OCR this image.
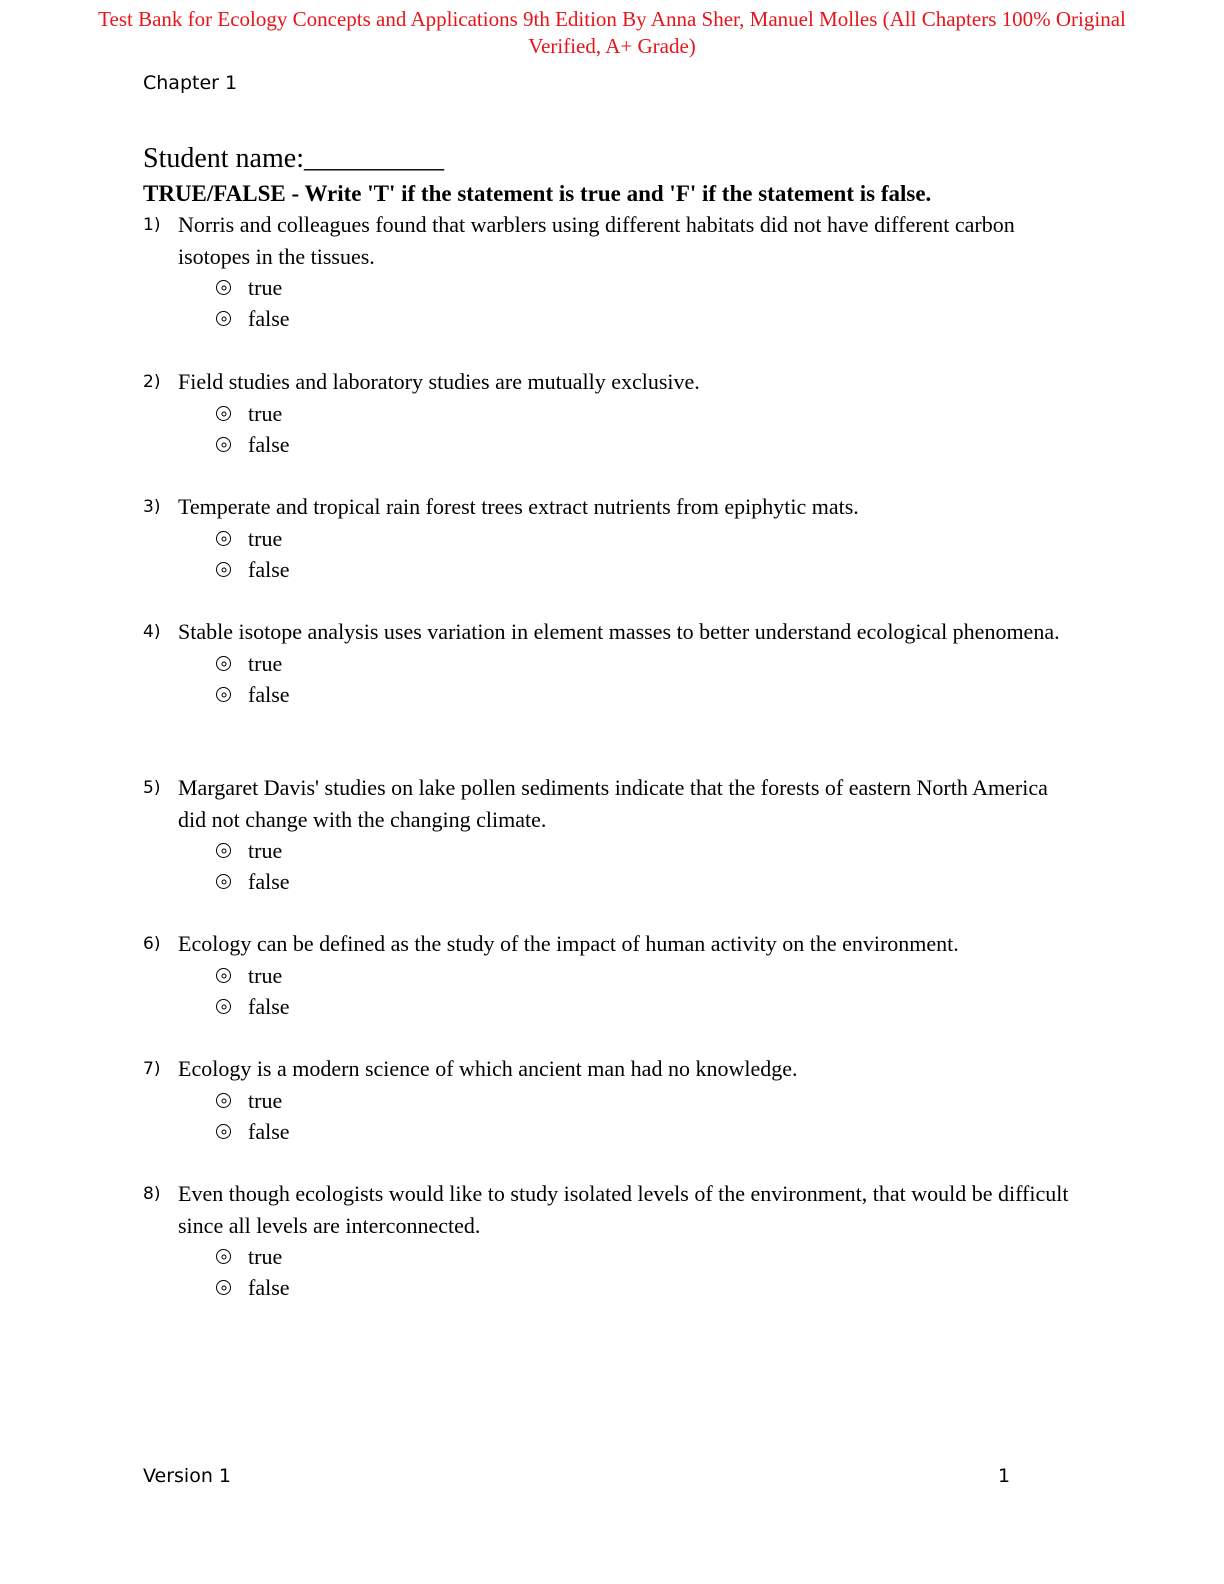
Test Bank for Ecology Concepts and Applications 9th Edition By Anna Sher, Manuel Molles (All Chapters 100% Original Verified, A+ Grade)
Chapter 1
Student name:__________
TRUE/FALSE - Write 'T' if the statement is true and 'F' if the statement is false.
1) Norris and colleagues found that warblers using different habitats did not have different carbon isotopes in the tissues.
true
false
2) Field studies and laboratory studies are mutually exclusive.
true
false
3) Temperate and tropical rain forest trees extract nutrients from epiphytic mats.
true
false
4) Stable isotope analysis uses variation in element masses to better understand ecological phenomena.
true
false
5) Margaret Davis' studies on lake pollen sediments indicate that the forests of eastern North America did not change with the changing climate.
true
false
6) Ecology can be defined as the study of the impact of human activity on the environment.
true
false
7) Ecology is a modern science of which ancient man had no knowledge.
true
false
8) Even though ecologists would like to study isolated levels of the environment, that would be difficult since all levels are interconnected.
true
false
Version 1	1
